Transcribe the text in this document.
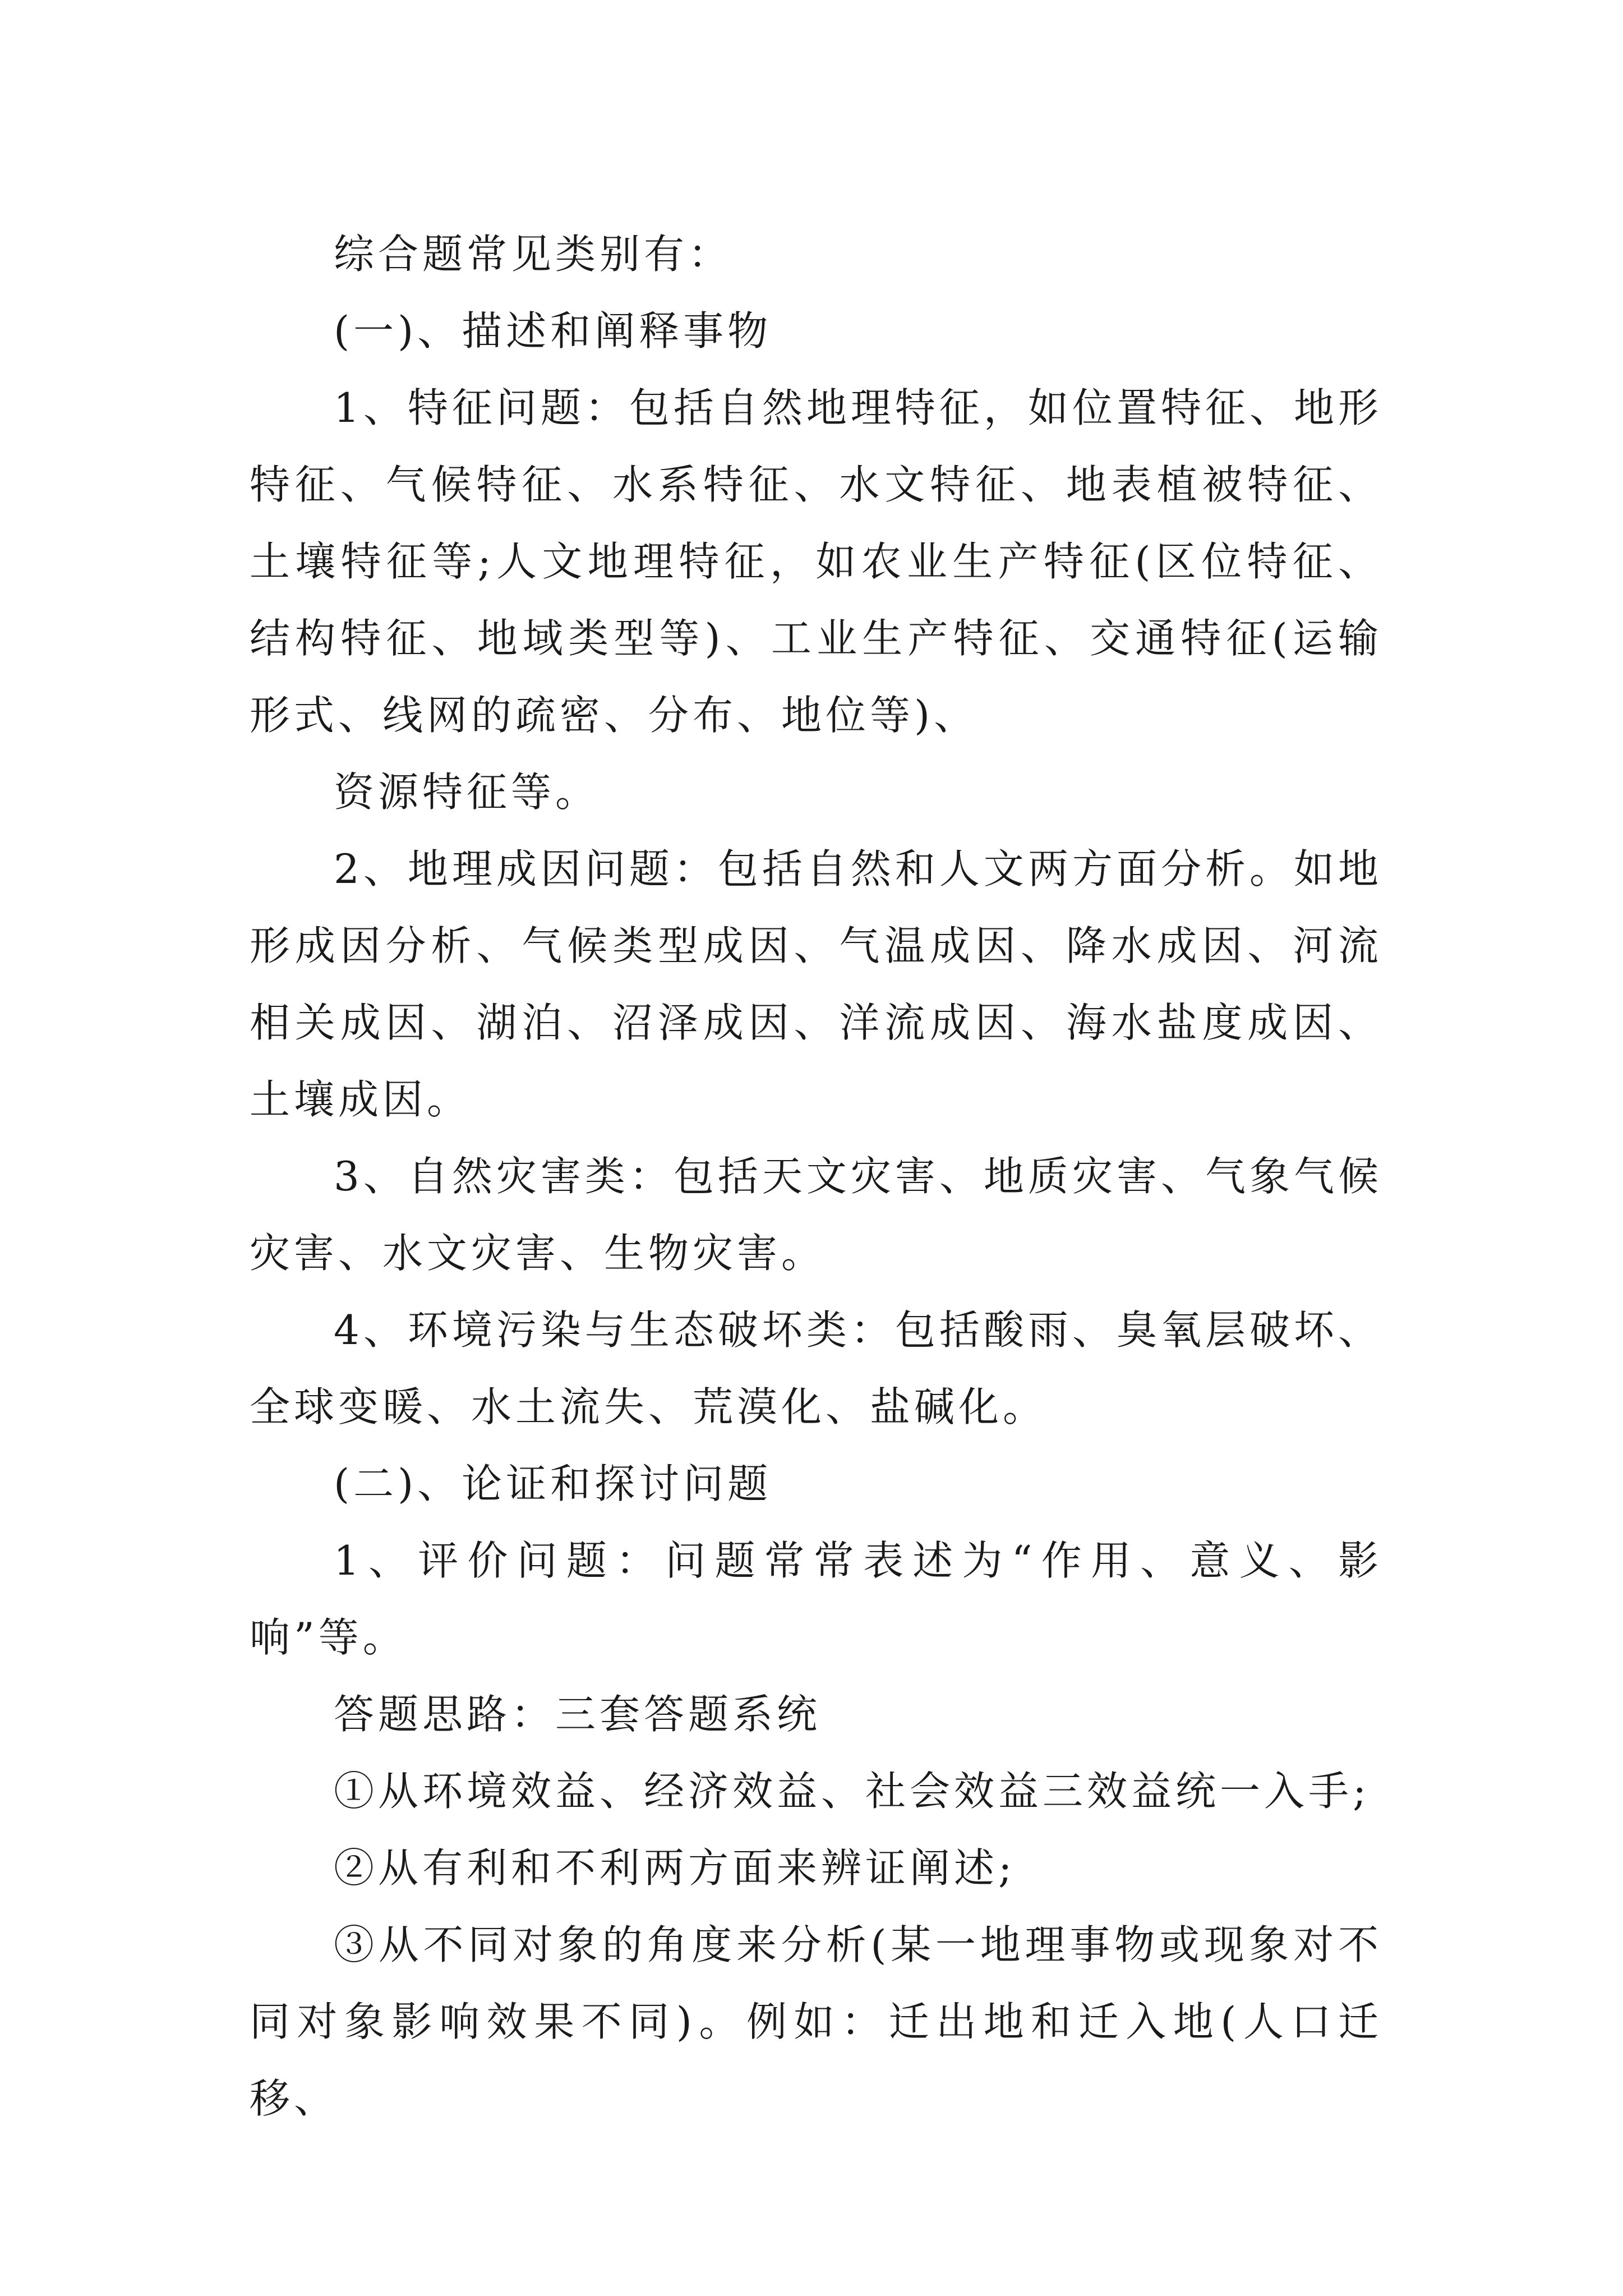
综合题常见类别有：

(一)、描述和阐释事物

1、特征问题：包括自然地理特征，如位置特征、地形特征、气候特征、水系特征、水文特征、地表植被特征、土壤特征等;人文地理特征，如农业生产特征(区位特征、结构特征、地域类型等)、工业生产特征、交通特征(运输形式、线网的疏密、分布、地位等)、

资源特征等。

2、地理成因问题：包括自然和人文两方面分析。如地形成因分析、气候类型成因、气温成因、降水成因、河流相关成因、湖泊、沼泽成因、洋流成因、海水盐度成因、土壤成因。

3、自然灾害类：包括天文灾害、地质灾害、气象气候灾害、水文灾害、生物灾害。

4、环境污染与生态破坏类：包括酸雨、臭氧层破坏、全球变暖、水土流失、荒漠化、盐碱化。

(二)、论证和探讨问题

1、评价问题：问题常常表述为“作用、意义、影响”等。

答题思路：三套答题系统

①从环境效益、经济效益、社会效益三效益统一入手;

②从有利和不利两方面来辨证阐述;

③从不同对象的角度来分析(某一地理事物或现象对不同对象影响效果不同)。例如：迁出地和迁入地(人口迁移、
